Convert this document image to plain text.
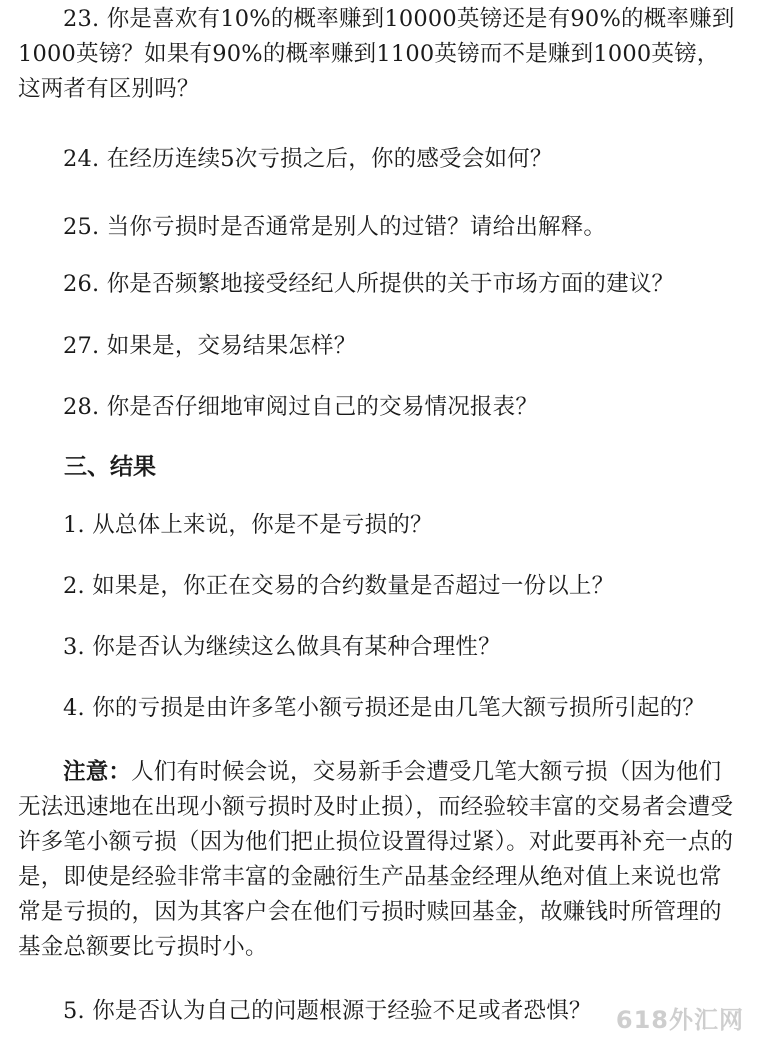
23. 你是喜欢有10%的概率赚到10000英镑还是有90%的概率赚到1000英镑？如果有90%的概率赚到1100英镑而不是赚到1000英镑，这两者有区别吗？

24. 在经历连续5次亏损之后，你的感受会如何？

25. 当你亏损时是否通常是别人的过错？请给出解释。

26. 你是否频繁地接受经纪人所提供的关于市场方面的建议？

27. 如果是，交易结果怎样？

28. 你是否仔细地审阅过自己的交易情况报表？

三、结果

1. 从总体上来说，你是不是亏损的？

2. 如果是，你正在交易的合约数量是否超过一份以上？

3. 你是否认为继续这么做具有某种合理性？

4. 你的亏损是由许多笔小额亏损还是由几笔大额亏损所引起的？

注意：人们有时候会说，交易新手会遭受几笔大额亏损（因为他们无法迅速地在出现小额亏损时及时止损），而经验较丰富的交易者会遭受许多笔小额亏损（因为他们把止损位设置得过紧）。对此要再补充一点的是，即使是经验非常丰富的金融衍生产品基金经理从绝对值上来说也常常是亏损的，因为其客户会在他们亏损时赎回基金，故赚钱时所管理的基金总额要比亏损时小。

5. 你是否认为自己的问题根源于经验不足或者恐惧？	618外汇网
